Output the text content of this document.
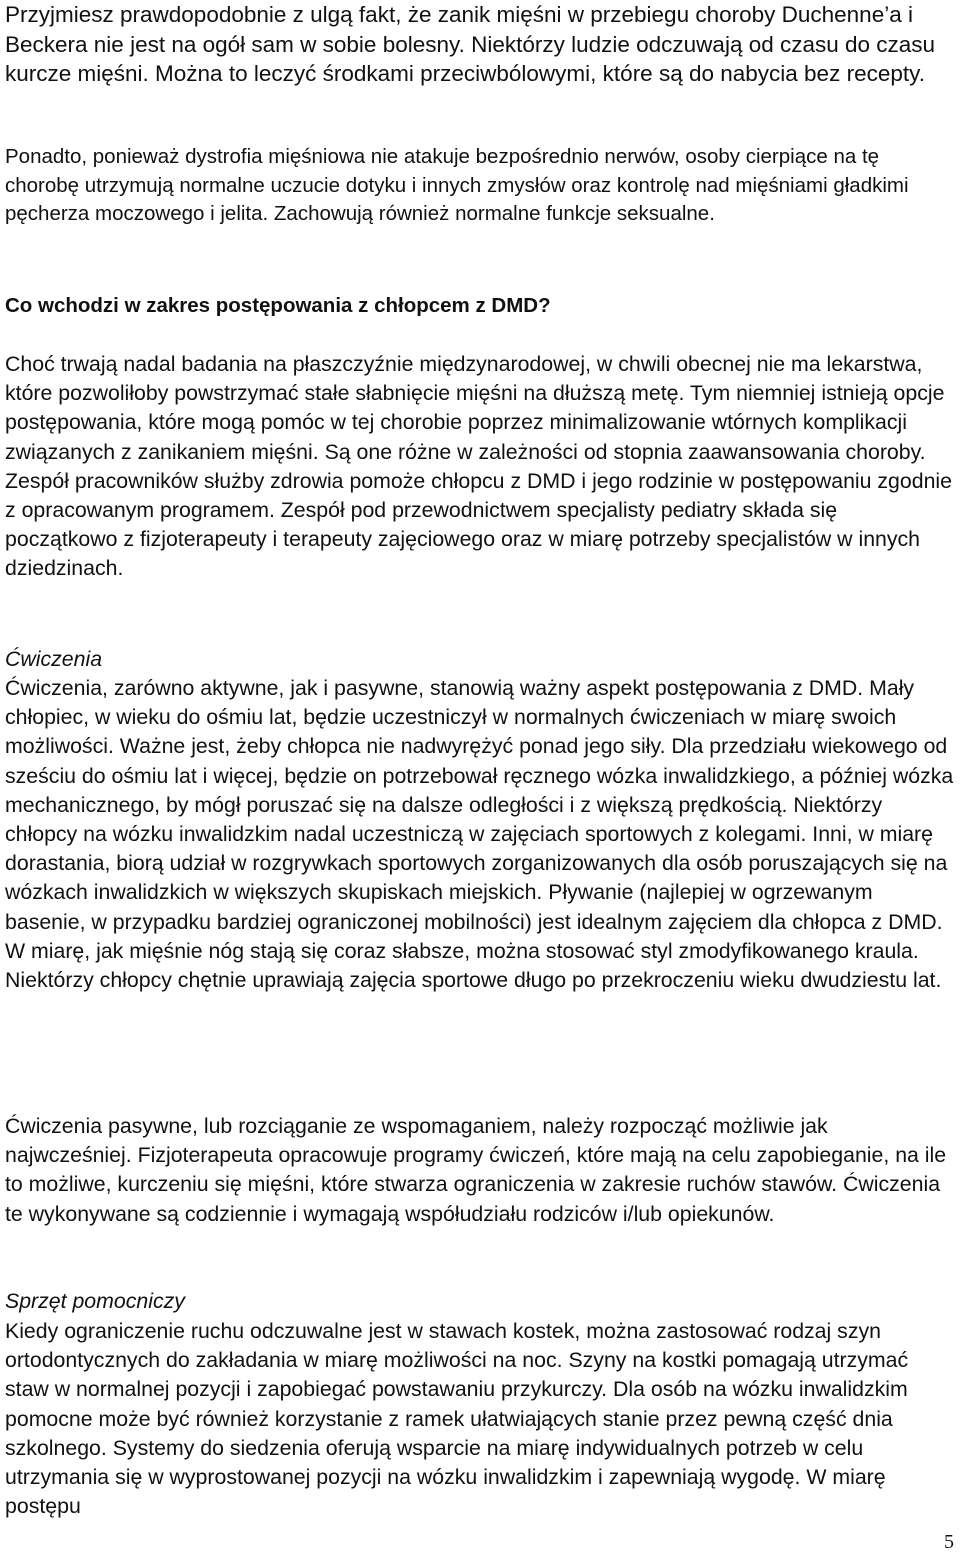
Przyjmiesz prawdopodobnie z ulgą fakt, że zanik mięśni w przebiegu choroby Duchenne’a i Beckera nie jest na ogół sam w sobie bolesny. Niektórzy ludzie odczuwają od czasu do czasu kurcze mięśni. Można to leczyć środkami przeciwbólowymi, które są do nabycia bez recepty.

Ponadto, ponieważ dystrofia mięśniowa nie atakuje bezpośrednio nerwów, osoby cierpiące na tę chorobę utrzymują normalne uczucie dotyku i innych zmysłów oraz kontrolę nad mięśniami gładkimi pęcherza moczowego i jelita. Zachowują również normalne funkcje seksualne.

Co wchodzi w zakres postępowania z chłopcem z DMD?

Choć trwają nadal badania na płaszczyźnie międzynarodowej, w chwili obecnej nie ma lekarstwa, które pozwoliłoby powstrzymać stałe słabnięcie mięśni na dłuższą metę. Tym niemniej istnieją opcje postępowania, które mogą pomóc w tej chorobie poprzez minimalizowanie wtórnych komplikacji związanych z zanikaniem mięśni. Są one różne w zależności od stopnia zaawansowania choroby. Zespół pracowników służby zdrowia pomoże chłopcu z DMD i jego rodzinie w postępowaniu zgodnie z opracowanym programem. Zespół pod przewodnictwem specjalisty pediatry składa się początkowo z fizjoterapeuty i terapeuty zajęciowego oraz w miarę potrzeby specjalistów w innych dziedzinach.

Ćwiczenia

Ćwiczenia, zarówno aktywne, jak i pasywne, stanowią ważny aspekt postępowania z DMD. Mały chłopiec, w wieku do ośmiu lat, będzie uczestniczył w normalnych ćwiczeniach w miarę swoich możliwości. Ważne jest, żeby chłopca nie nadwyrężyć ponad jego siły. Dla przedziału wiekowego od sześciu do ośmiu lat i więcej, będzie on potrzebował ręcznego wózka inwalidzkiego, a później wózka mechanicznego, by mógł poruszać się na dalsze odległości i z większą prędkością. Niektórzy chłopcy na wózku inwalidzkim nadal uczestniczą w zajęciach sportowych z kolegami. Inni, w miarę dorastania, biorą udział w rozgrywkach sportowych zorganizowanych dla osób poruszających się na wózkach inwalidzkich w większych skupiskach miejskich. Pływanie (najlepiej w ogrzewanym basenie, w przypadku bardziej ograniczonej mobilności) jest idealnym zajęciem dla chłopca z DMD. W miarę, jak mięśnie nóg stają się coraz słabsze, można stosować styl zmodyfikowanego kraula. Niektórzy chłopcy chętnie uprawiają zajęcia sportowe długo po przekroczeniu wieku dwudziestu lat.

Ćwiczenia pasywne, lub rozciąganie ze wspomaganiem, należy rozpocząć możliwie jak najwcześniej. Fizjoterapeuta opracowuje programy ćwiczeń, które mają na celu zapobieganie, na ile to możliwe, kurczeniu się mięśni, które stwarza ograniczenia w zakresie ruchów stawów. Ćwiczenia te wykonywane są codziennie i wymagają współudziału rodziców i/lub opiekunów.

Sprzęt pomocniczy

Kiedy ograniczenie ruchu odczuwalne jest w stawach kostek, można zastosować rodzaj szyn ortodontycznych do zakładania w miarę możliwości na noc. Szyny na kostki pomagają utrzymać staw w normalnej pozycji i zapobiegać powstawaniu przykurczy. Dla osób na wózku inwalidzkim pomocne może być również korzystanie z ramek ułatwiających stanie przez pewną część dnia szkolnego. Systemy do siedzenia oferują wsparcie na miarę indywidualnych potrzeb w celu utrzymania się w wyprostowanej pozycji na wózku inwalidzkim i zapewniają wygodę. W miarę postępu

5
